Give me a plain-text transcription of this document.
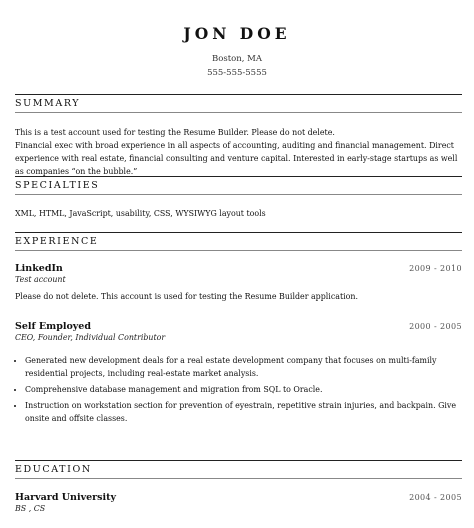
JON DOE
Boston, MA
555-555-5555
SUMMARY
This is a test account used for testing the Resume Builder. Please do not delete.
Financial exec with broad experience in all aspects of accounting, auditing and financial management. Direct experience with real estate, financial consulting and venture capital. Interested in early-stage startups as well as companies “on the bubble.”
SPECIALTIES
XML, HTML, JavaScript, usability, CSS, WYSIWYG layout tools
EXPERIENCE
LinkedIn	2009 - 2010
Test account
Please do not delete. This account is used for testing the Resume Builder application.
Self Employed	2000 - 2005
CEO, Founder, Individual Contributor
• Generated new development deals for a real estate development company that focuses on multi-family residential projects, including real-estate market analysis.
• Comprehensive database management and migration from SQL to Oracle.
• Instruction on workstation section for prevention of eyestrain, repetitive strain injuries, and backpain. Give onsite and offsite classes.
EDUCATION
Harvard University	2004 - 2005
BS , CS
